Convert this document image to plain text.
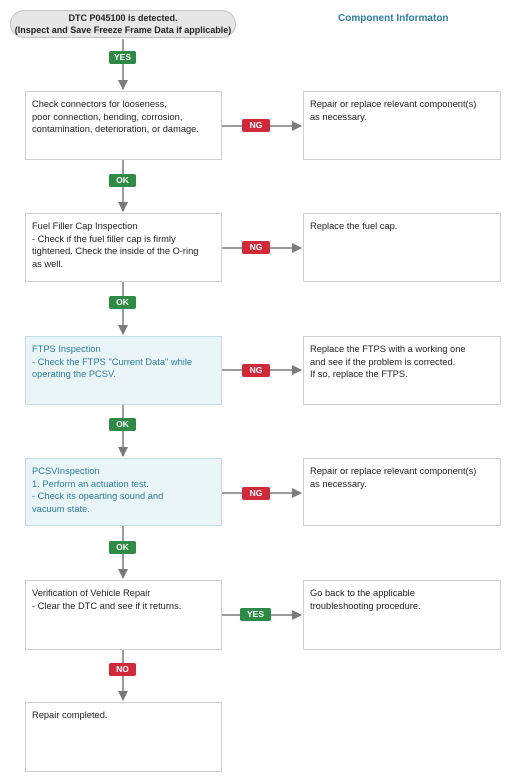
DTC P045100 is detected.
(Inspect and Save Freeze Frame Data if applicable)
Component Informaton
YES
Check connectors for looseness,
poor connection, bending, corrosion,
contamination, deterioration, or damage.
Repair or replace relevant component(s)
as necessary.
NG
OK
Fuel Filler Cap Inspection
- Check if the fuel filler cap is firmly
tightened. Check the inside of the O-ring
as well.
Replace the fuel cap.
NG
OK
FTPS Inspection
- Check the FTPS "Current Data" while
operating the PCSV.
Replace the FTPS with a working one
and see if the problem is corrected.
If so, replace the FTPS.
NG
OK
PCSVInspection
1. Perform an actuation test.
- Check its opearting sound and
vacuum state.
Repair or replace relevant component(s)
as necessary.
NG
OK
Verification of Vehicle Repair
- Clear the DTC and see if it returns.
Go back to the applicable
troubleshooting procedure.
YES
NO
Repair completed.
